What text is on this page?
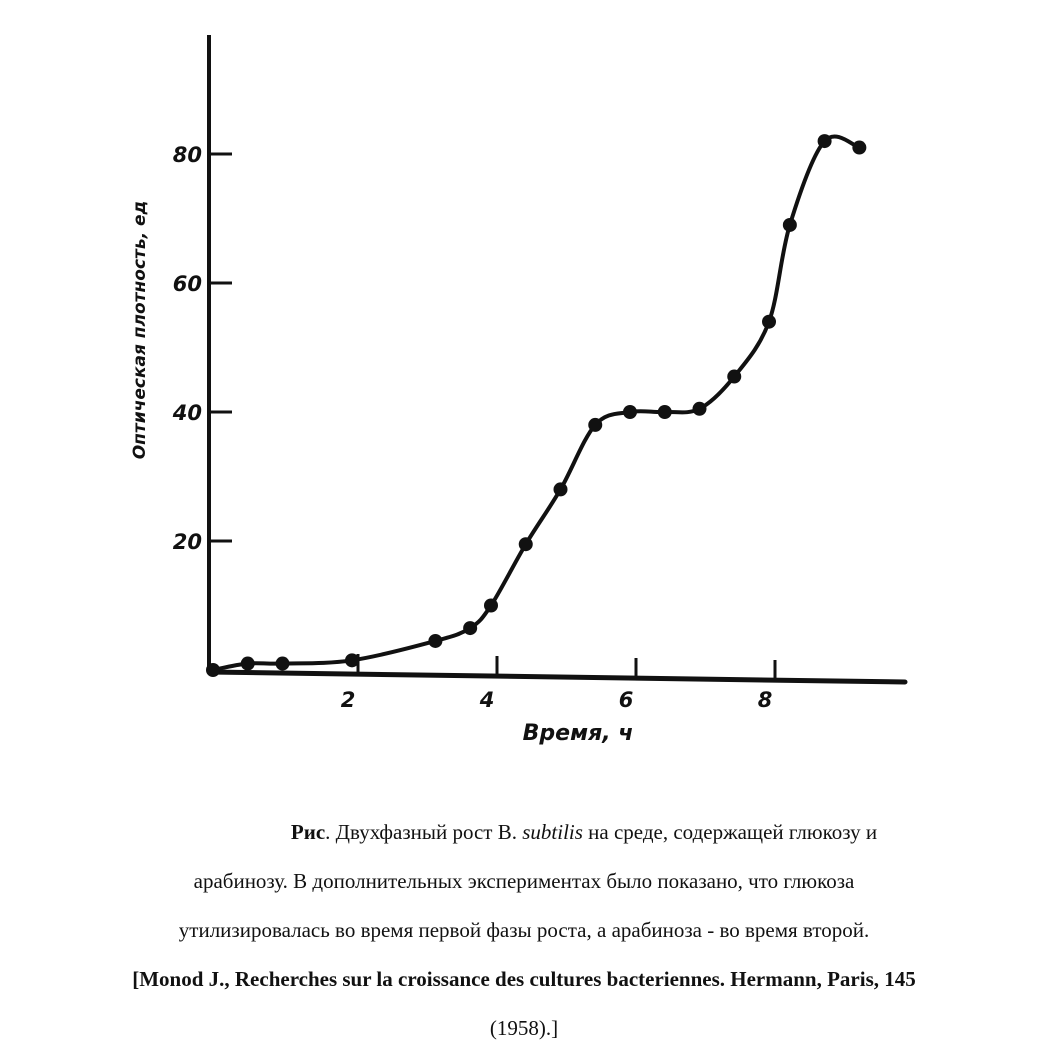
20
40
60
80
2	4	6	8
Время, ч
Оптическая плотность, ед
Рис. Двухфазный рост B. subtilis на среде, содержащей глюкозу и
арабинозу. В дополнительных экспериментах было показано, что глюкоза
утилизировалась во время первой фазы роста, а арабиноза - во время второй.
[Monod J., Recherches sur la croissance des cultures bacteriennes. Hermann, Paris, 145
(1958).]
